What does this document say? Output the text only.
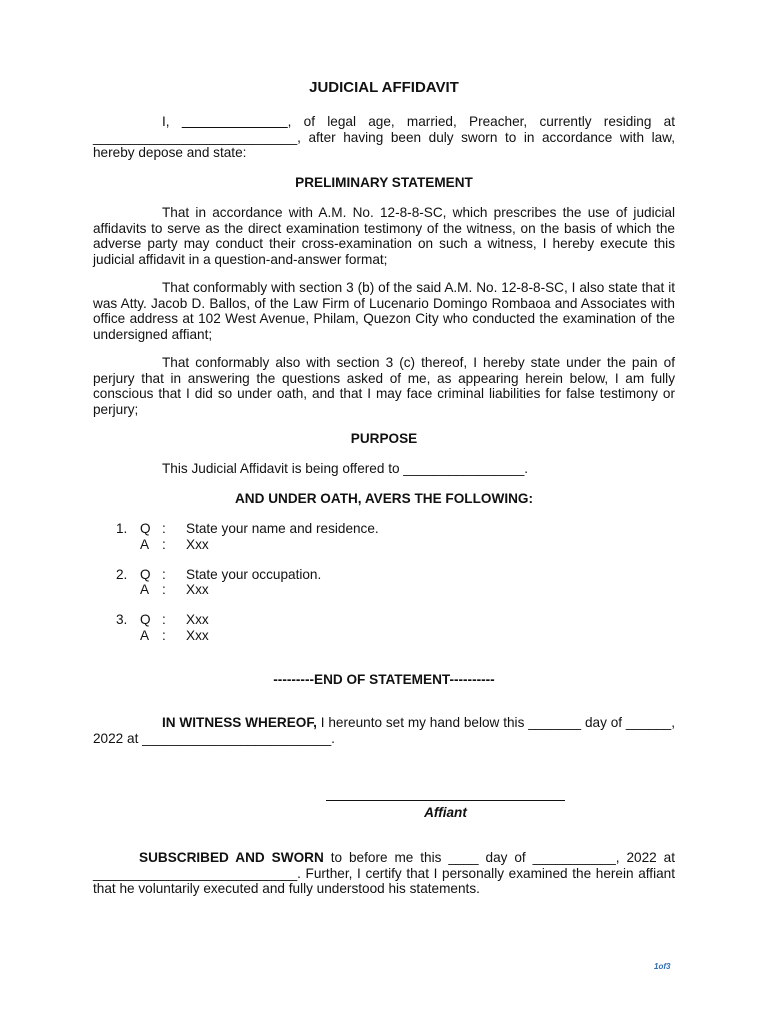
JUDICIAL AFFIDAVIT
I, ______________, of legal age, married, Preacher, currently residing at ___________________________, after having been duly sworn to in accordance with law, hereby depose and state:
PRELIMINARY STATEMENT
That in accordance with A.M. No. 12-8-8-SC, which prescribes the use of judicial affidavits to serve as the direct examination testimony of the witness, on the basis of which the adverse party may conduct their cross-examination on such a witness, I hereby execute this judicial affidavit in a question-and-answer format;
That conformably with section 3 (b) of the said A.M. No. 12-8-8-SC, I also state that it was Atty. Jacob D. Ballos, of the Law Firm of Lucenario Domingo Rombaoa and Associates with office address at 102 West Avenue, Philam, Quezon City who conducted the examination of the undersigned affiant;
That conformably also with section 3 (c) thereof, I hereby state under the pain of perjury that in answering the questions asked of me, as appearing herein below, I am fully conscious that I did so under oath, and that I may face criminal liabilities for false testimony or perjury;
PURPOSE
This Judicial Affidavit is being offered to ________________.
AND UNDER OATH, AVERS THE FOLLOWING:
1. Q : State your name and residence.
A : Xxx
2. Q : State your occupation.
A : Xxx
3. Q : Xxx
A : Xxx
---------END OF STATEMENT----------
IN WITNESS WHEREOF, I hereunto set my hand below this _______ day of ______, 2022 at _________________________.
Affiant
SUBSCRIBED AND SWORN to before me this ____ day of ___________, 2022 at ___________________________. Further, I certify that I personally examined the herein affiant that he voluntarily executed and fully understood his statements.
1of3
